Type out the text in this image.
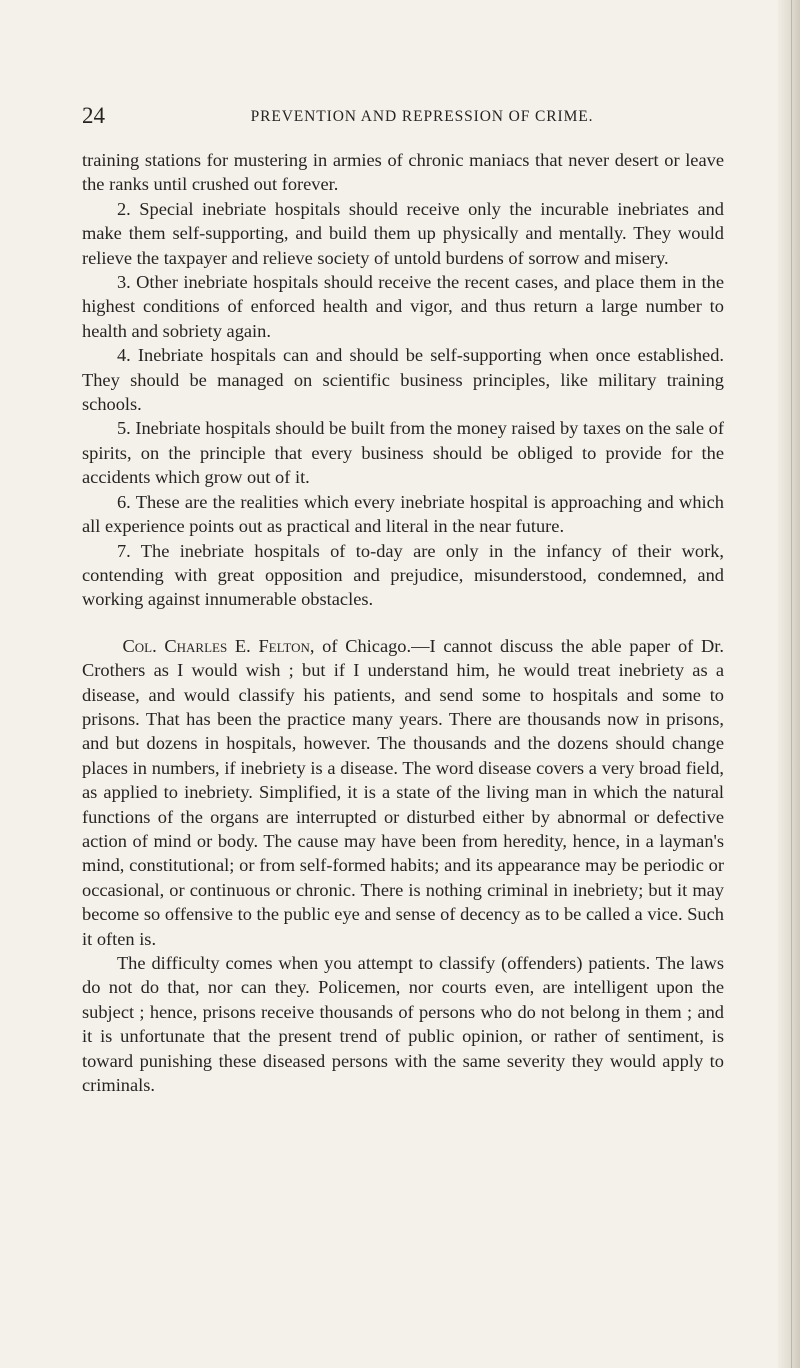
24	PREVENTION AND REPRESSION OF CRIME.

training stations for mustering in armies of chronic maniacs that never desert or leave the ranks until crushed out forever.

2. Special inebriate hospitals should receive only the incurable inebriates and make them self-supporting, and build them up physically and mentally. They would relieve the taxpayer and relieve society of untold burdens of sorrow and misery.

3. Other inebriate hospitals should receive the recent cases, and place them in the highest conditions of enforced health and vigor, and thus return a large number to health and sobriety again.

4. Inebriate hospitals can and should be self-supporting when once established. They should be managed on scientific business principles, like military training schools.

5. Inebriate hospitals should be built from the money raised by taxes on the sale of spirits, on the principle that every business should be obliged to provide for the accidents which grow out of it.

6. These are the realities which every inebriate hospital is approaching and which all experience points out as practical and literal in the near future.

7. The inebriate hospitals of to-day are only in the infancy of their work, contending with great opposition and prejudice, misunderstood, condemned, and working against innumerable obstacles.

Col. Charles E. Felton, of Chicago.—I cannot discuss the able paper of Dr. Crothers as I would wish ; but if I understand him, he would treat inebriety as a disease, and would classify his patients, and send some to hospitals and some to prisons. That has been the practice many years. There are thousands now in prisons, and but dozens in hospitals, however. The thousands and the dozens should change places in numbers, if inebriety is a disease. The word disease covers a very broad field, as applied to inebriety. Simplified, it is a state of the living man in which the natural functions of the organs are interrupted or disturbed either by abnormal or defective action of mind or body. The cause may have been from heredity, hence, in a layman's mind, constitutional; or from self-formed habits; and its appearance may be periodic or occasional, or continuous or chronic. There is nothing criminal in inebriety; but it may become so offensive to the public eye and sense of decency as to be called a vice. Such it often is.

The difficulty comes when you attempt to classify (offenders) patients. The laws do not do that, nor can they. Policemen, nor courts even, are intelligent upon the subject ; hence, prisons receive thousands of persons who do not belong in them ; and it is unfortunate that the present trend of public opinion, or rather of sentiment, is toward punishing these diseased persons with the same severity they would apply to criminals.
